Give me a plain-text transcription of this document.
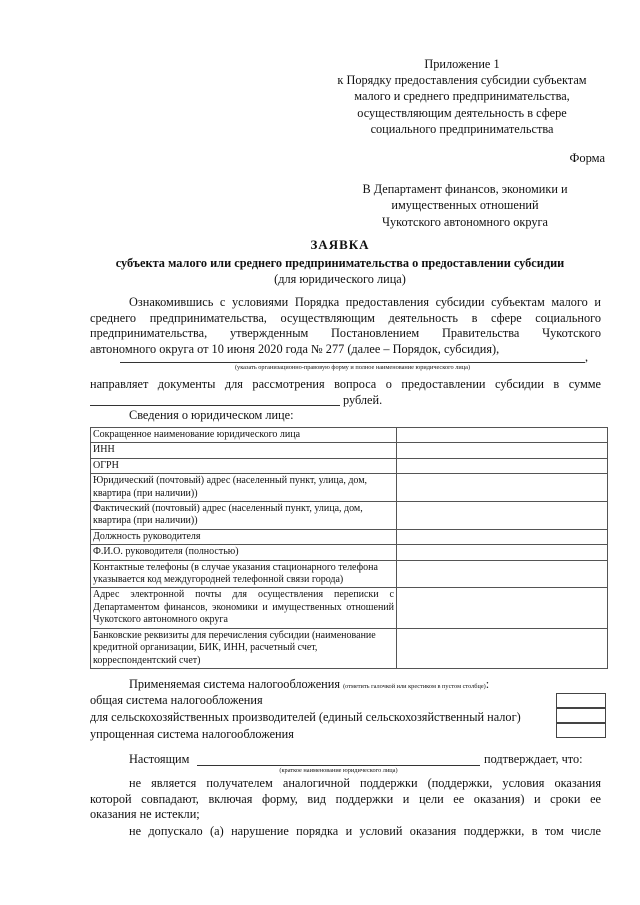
Приложение 1
к Порядку предоставления субсидии субъектам
малого и среднего предпринимательства,
осуществляющим деятельность в сфере
социального предпринимательства
Форма
В Департамент финансов, экономики и
имущественных отношений
Чукотского автономного округа
ЗАЯВКА
субъекта малого или среднего предпринимательства о предоставлении субсидии
(для юридического лица)
Ознакомившись с условиями Порядка предоставления субсидии субъектам малого и
среднего предпринимательства, осуществляющим деятельность в сфере социального
предпринимательства, утвержденным Постановлением Правительства Чукотского
автономного округа от 10 июня 2020 года № 277 (далее – Порядок, субсидия),
,
(указать организационно-правовую форму и полное наименование юридического лица)
направляет документы для рассмотрения вопроса о предоставлении субсидии в сумме
рублей.
Сведения о юридическом лице:
Сокращенное наименование юридического лица	
ИНН	
ОГРН	
Юридический (почтовый) адрес (населенный пункт, улица, дом, квартира (при наличии))	
Фактический (почтовый) адрес (населенный пункт, улица, дом, квартира (при наличии))	
Должность руководителя	
Ф.И.О. руководителя (полностью)	
Контактные телефоны (в случае указания стационарного телефона указывается код междугородней телефонной связи города)	
Адрес электронной почты для осуществления переписки с Департаментом финансов, экономики и имущественных отношений Чукотского автономного округа	
Банковские реквизиты для перечисления субсидии (наименование кредитной организации, БИК, ИНН, расчетный счет, корреспондентский счет)	
Применяемая система налогообложения (отметить галочкой или крестиком в пустом столбце):
общая система налогообложения
для сельскохозяйственных производителей (единый сельскохозяйственный налог)
упрощенная система налогообложения
Настоящим	подтверждает, что:
(краткое наименование юридического лица)
не является получателем аналогичной поддержки (поддержки, условия оказания
которой совпадают, включая форму, вид поддержки и цели ее оказания) и сроки ее
оказания не истекли;
не допускало (а) нарушение порядка и условий оказания поддержки, в том числе
